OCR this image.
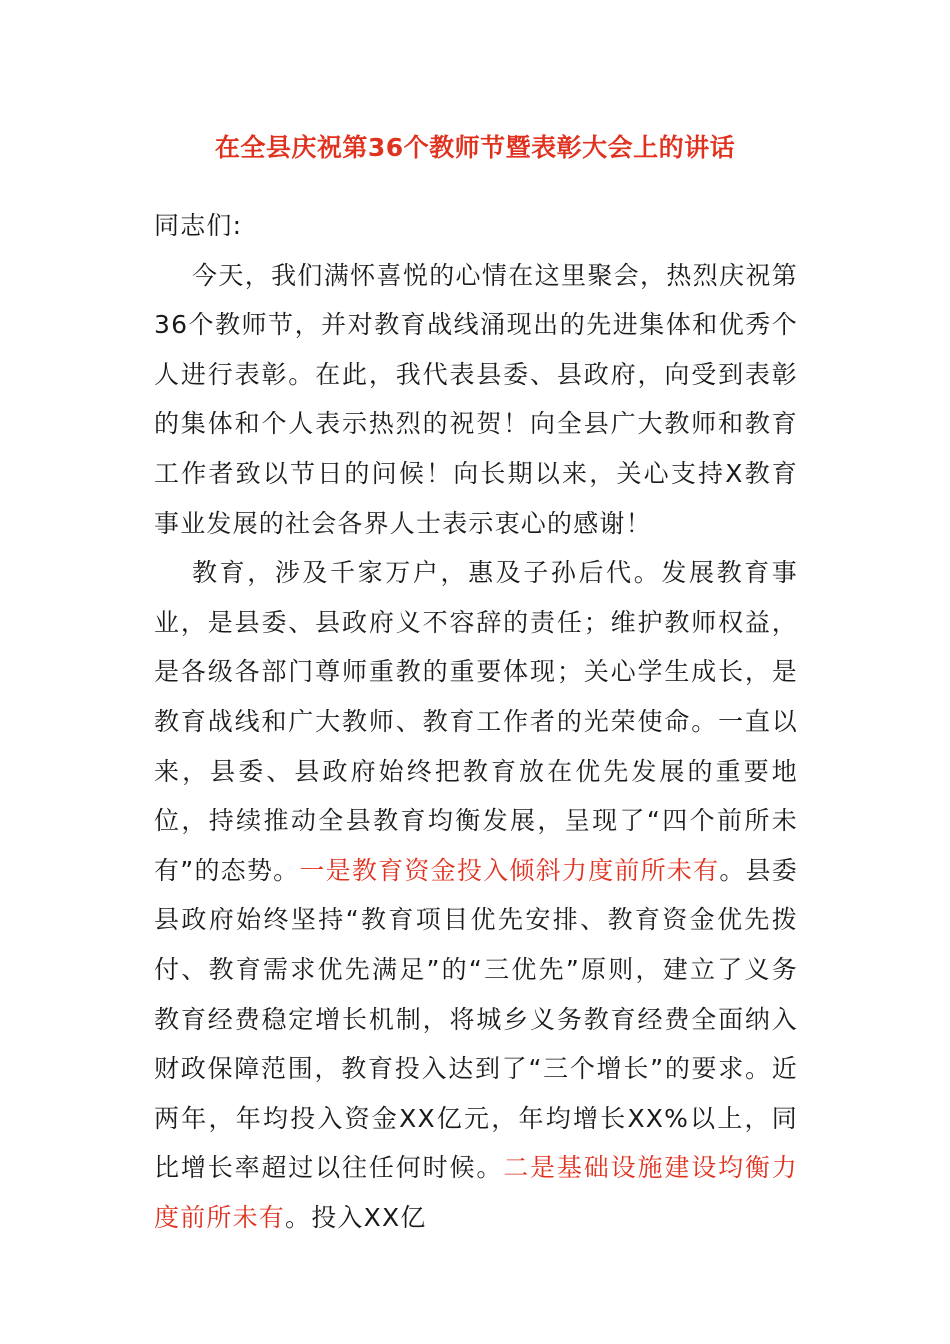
在全县庆祝第36个教师节暨表彰大会上的讲话

同志们:

今天，我们满怀喜悦的心情在这里聚会，热烈庆祝第36个教师节，并对教育战线涌现出的先进集体和优秀个人进行表彰。在此，我代表县委、县政府，向受到表彰的集体和个人表示热烈的祝贺！向全县广大教师和教育工作者致以节日的问候！向长期以来，关心支持X教育事业发展的社会各界人士表示衷心的感谢！

教育，涉及千家万户，惠及子孙后代。发展教育事业，是县委、县政府义不容辞的责任；维护教师权益，是各级各部门尊师重教的重要体现；关心学生成长，是教育战线和广大教师、教育工作者的光荣使命。一直以来，县委、县政府始终把教育放在优先发展的重要地位，持续推动全县教育均衡发展，呈现了“四个前所未有”的态势。一是教育资金投入倾斜力度前所未有。县委县政府始终坚持“教育项目优先安排、教育资金优先拨付、教育需求优先满足”的“三优先”原则，建立了义务教育经费稳定增长机制，将城乡义务教育经费全面纳入财政保障范围，教育投入达到了“三个增长”的要求。近两年，年均投入资金XX亿元，年均增长XX%以上，同比增长率超过以往任何时候。二是基础设施建设均衡力度前所未有。投入XX亿
